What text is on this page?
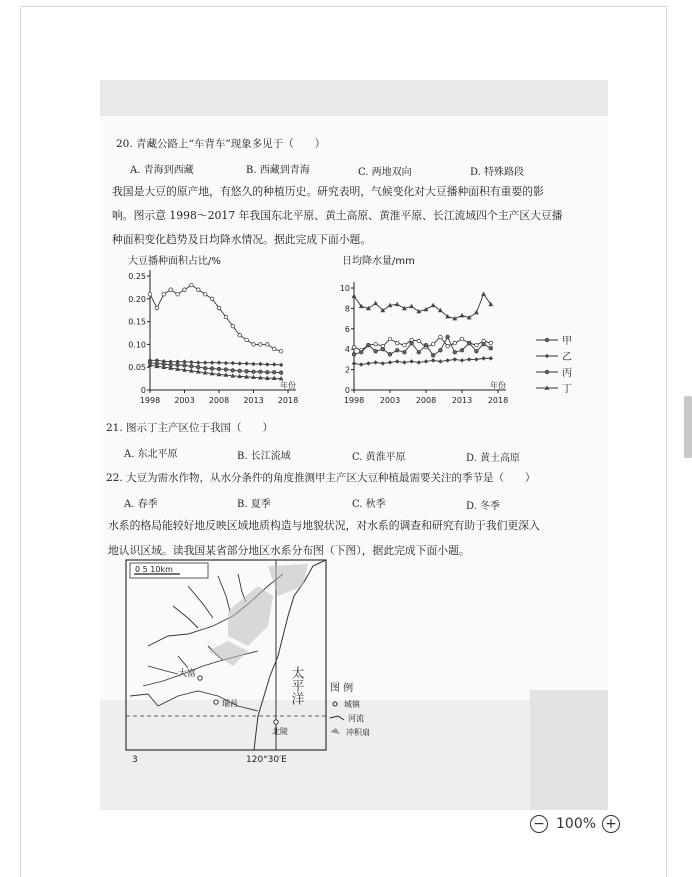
20. 青藏公路上“车背车”现象多见于（　　）
A. 青海到西藏	B. 西藏到青海	C. 两地双向	D. 特殊路段
我国是大豆的原产地，有悠久的种植历史。研究表明，气候变化对大豆播种面积有重要的影
响。图示意 1998～2017 年我国东北平原、黄土高原、黄淮平原、长江流域四个主产区大豆播
种面积变化趋势及日均降水情况。据此完成下面小题。
大豆播种面积占比/%
0
0.05
0.10
0.15
0.20
0.25
1998 2003 2008 2013 2018
年份
日均降水量/mm
0
2
4
6
8
10
1998 2003 2008 2013 2018
年份
甲
乙
丙
丁
21. 图示丁主产区位于我国（　　）
A. 东北平原	B. 长江流域	C. 黄淮平原	D. 黄土高原
22. 大豆为需水作物，从水分条件的角度推测甲主产区大豆种植最需要关注的季节是（　　）
A. 春季	B. 夏季	C. 秋季	D. 冬季
水系的格局能较好地反映区域地质构造与地貌状况，对水系的调查和研究有助于我们更深入
地认识区域。读我国某省部分地区水系分布图（下图），据此完成下面小题。
0 5 10km
大富
瑞昌
北陵
太平洋
3	120°30′E
图 例
城镇
河流
冲积扇
− 100% +
